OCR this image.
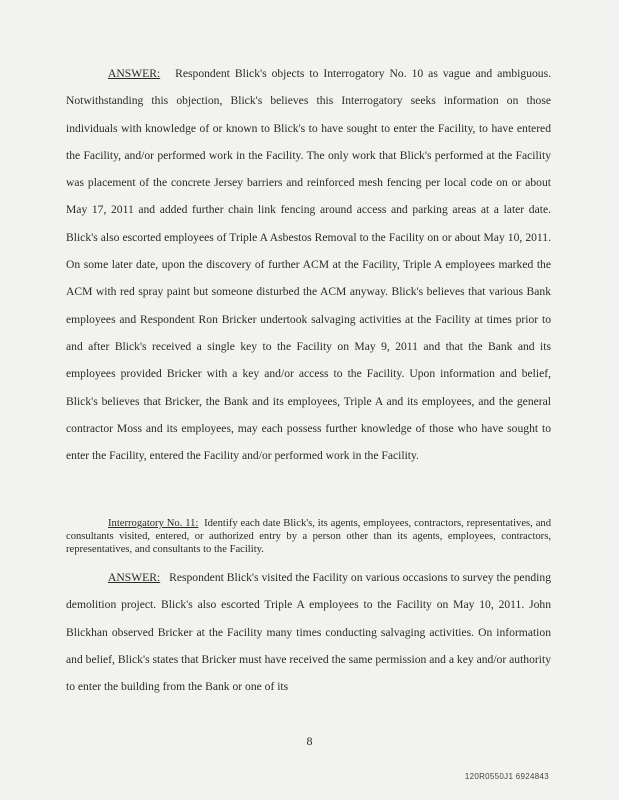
ANSWER: Respondent Blick's objects to Interrogatory No. 10 as vague and ambiguous. Notwithstanding this objection, Blick's believes this Interrogatory seeks information on those individuals with knowledge of or known to Blick's to have sought to enter the Facility, to have entered the Facility, and/or performed work in the Facility. The only work that Blick's performed at the Facility was placement of the concrete Jersey barriers and reinforced mesh fencing per local code on or about May 17, 2011 and added further chain link fencing around access and parking areas at a later date. Blick's also escorted employees of Triple A Asbestos Removal to the Facility on or about May 10, 2011. On some later date, upon the discovery of further ACM at the Facility, Triple A employees marked the ACM with red spray paint but someone disturbed the ACM anyway. Blick's believes that various Bank employees and Respondent Ron Bricker undertook salvaging activities at the Facility at times prior to and after Blick's received a single key to the Facility on May 9, 2011 and that the Bank and its employees provided Bricker with a key and/or access to the Facility. Upon information and belief, Blick's believes that Bricker, the Bank and its employees, Triple A and its employees, and the general contractor Moss and its employees, may each possess further knowledge of those who have sought to enter the Facility, entered the Facility and/or performed work in the Facility.
Interrogatory No. 11: Identify each date Blick's, its agents, employees, contractors, representatives, and consultants visited, entered, or authorized entry by a person other than its agents, employees, contractors, representatives, and consultants to the Facility.
ANSWER: Respondent Blick's visited the Facility on various occasions to survey the pending demolition project. Blick's also escorted Triple A employees to the Facility on May 10, 2011. John Blickhan observed Bricker at the Facility many times conducting salvaging activities. On information and belief, Blick's states that Bricker must have received the same permission and a key and/or authority to enter the building from the Bank or one of its
8
120R0550J1 6924843
